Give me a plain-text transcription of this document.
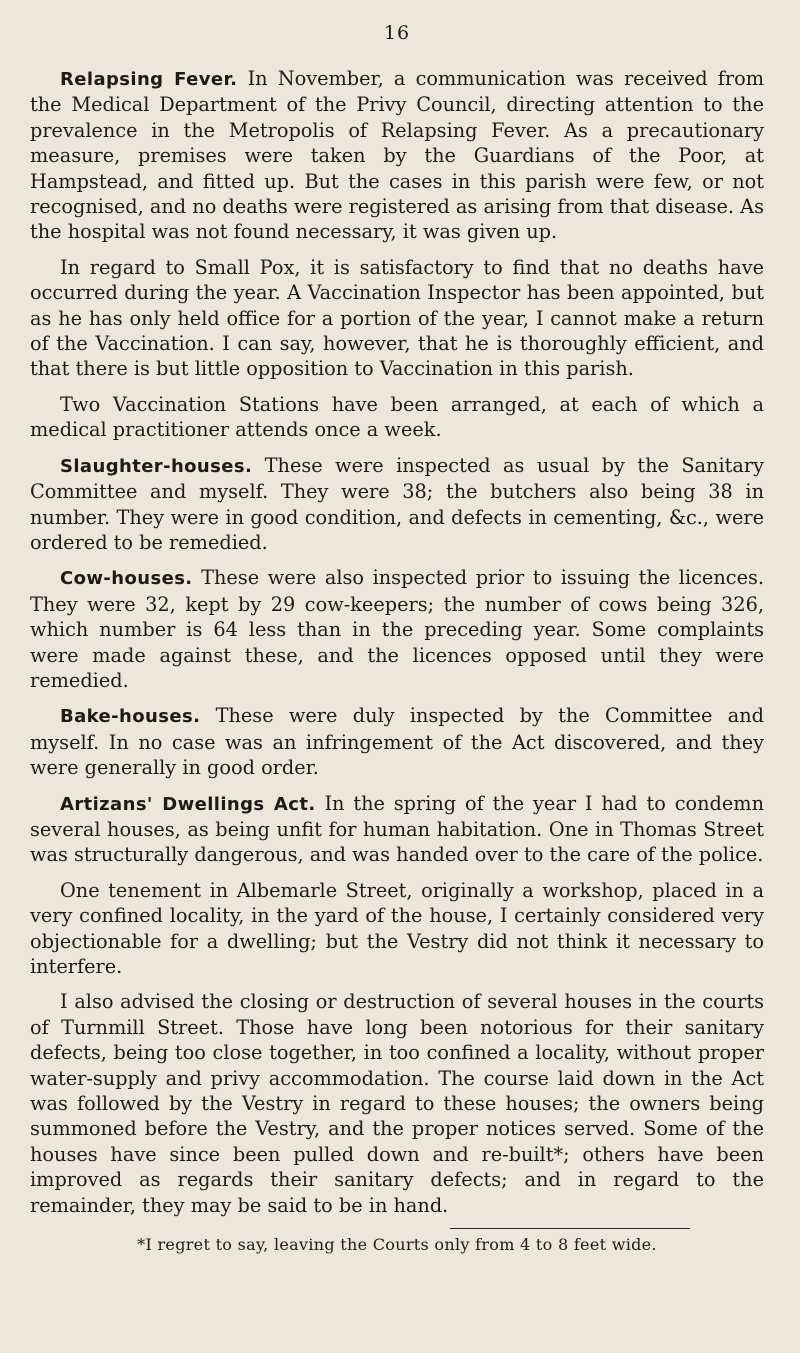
16

Relapsing Fever. In November, a communication was received from the Medical Department of the Privy Council, directing attention to the prevalence in the Metropolis of Relapsing Fever. As a precautionary measure, premises were taken by the Guardians of the Poor, at Hampstead, and fitted up. But the cases in this parish were few, or not recognised, and no deaths were registered as arising from that disease. As the hospital was not found necessary, it was given up.

In regard to Small Pox, it is satisfactory to find that no deaths have occurred during the year. A Vaccination Inspector has been appointed, but as he has only held office for a portion of the year, I cannot make a return of the Vaccination. I can say, however, that he is thoroughly efficient, and that there is but little opposition to Vaccination in this parish.

Two Vaccination Stations have been arranged, at each of which a medical practitioner attends once a week.

Slaughter-houses. These were inspected as usual by the Sanitary Committee and myself. They were 38; the butchers also being 38 in number. They were in good condition, and defects in cementing, &c., were ordered to be remedied.

Cow-houses. These were also inspected prior to issuing the licences. They were 32, kept by 29 cow-keepers; the number of cows being 326, which number is 64 less than in the preceding year. Some complaints were made against these, and the licences opposed until they were remedied.

Bake-houses. These were duly inspected by the Committee and myself. In no case was an infringement of the Act discovered, and they were generally in good order.

Artizans' Dwellings Act. In the spring of the year I had to condemn several houses, as being unfit for human habitation. One in Thomas Street was structurally dangerous, and was handed over to the care of the police.

One tenement in Albemarle Street, originally a workshop, placed in a very confined locality, in the yard of the house, I certainly considered very objectionable for a dwelling; but the Vestry did not think it necessary to interfere.

I also advised the closing or destruction of several houses in the courts of Turnmill Street. Those have long been notorious for their sanitary defects, being too close together, in too confined a locality, without proper water-supply and privy accommodation. The course laid down in the Act was followed by the Vestry in regard to these houses; the owners being summoned before the Vestry, and the proper notices served. Some of the houses have since been pulled down and re-built*; others have been improved as regards their sanitary defects; and in regard to the remainder, they may be said to be in hand.

*I regret to say, leaving the Courts only from 4 to 8 feet wide.
